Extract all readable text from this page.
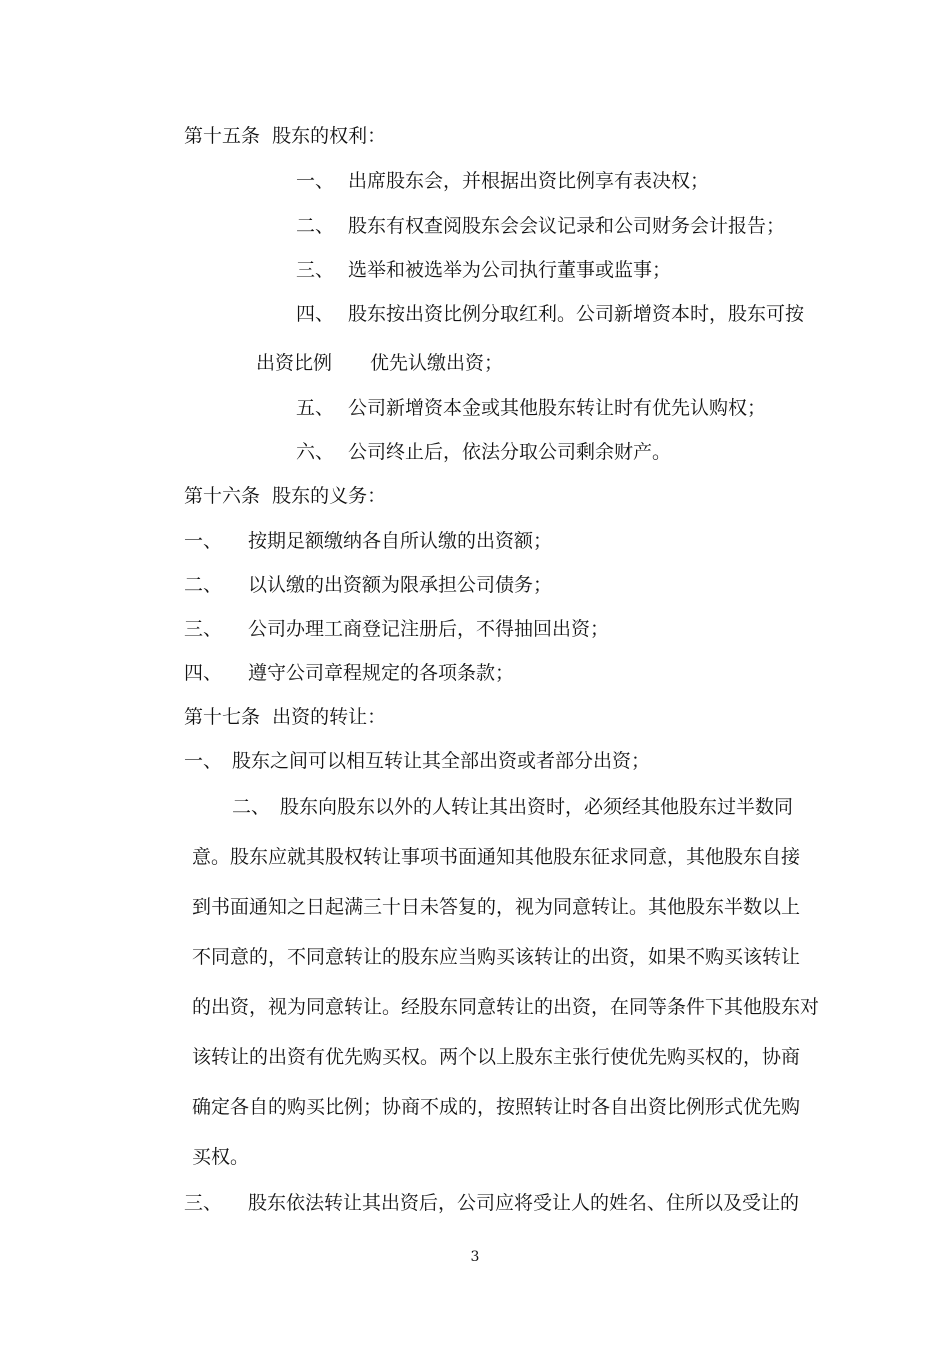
第十五条  股东的权利：

一、 出席股东会，并根据出资比例享有表决权；

二、 股东有权查阅股东会会议记录和公司财务会计报告；

三、 选举和被选举为公司执行董事或监事；

四、 股东按出资比例分取红利。公司新增资本时，股东可按

出资比例 优先认缴出资；

五、 公司新增资本金或其他股东转让时有优先认购权；

六、 公司终止后，依法分取公司剩余财产。

第十六条  股东的义务：

一、 按期足额缴纳各自所认缴的出资额；

二、 以认缴的出资额为限承担公司债务；

三、 公司办理工商登记注册后，不得抽回出资；

四、 遵守公司章程规定的各项条款；

第十七条  出资的转让：

一、 股东之间可以相互转让其全部出资或者部分出资；

二、 股东向股东以外的人转让其出资时，必须经其他股东过半数同

意。股东应就其股权转让事项书面通知其他股东征求同意，其他股东自接

到书面通知之日起满三十日未答复的，视为同意转让。其他股东半数以上

不同意的，不同意转让的股东应当购买该转让的出资，如果不购买该转让

的出资，视为同意转让。经股东同意转让的出资，在同等条件下其他股东对

该转让的出资有优先购买权。两个以上股东主张行使优先购买权的，协商

确定各自的购买比例；协商不成的，按照转让时各自出资比例形式优先购

买权。

三、 股东依法转让其出资后，公司应将受让人的姓名、住所以及受让的

3
